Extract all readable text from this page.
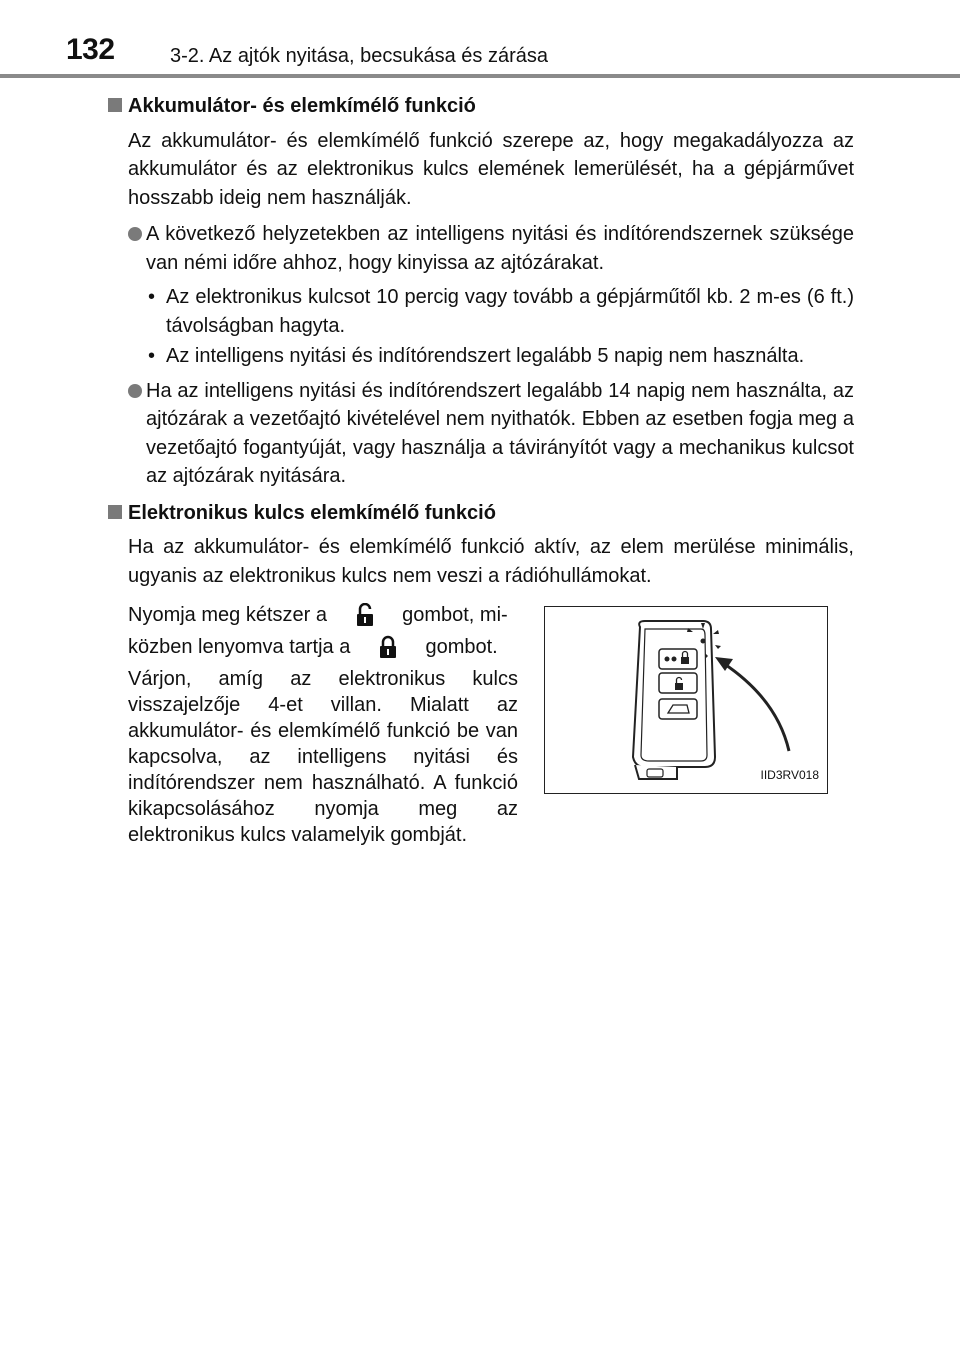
132	3-2. Az ajtók nyitása, becsukása és zárása
Akkumulátor- és elemkímélő funkció

Az akkumulátor- és elemkímélő funkció szerepe az, hogy megakadályozza az akkumulátor és az elektronikus kulcs elemének lemerülését, ha a gépjárművet hosszabb ideig nem használják.

A következő helyzetekben az intelligens nyitási és indítórendszernek szüksége van némi időre ahhoz, hogy kinyissa az ajtózárakat.
• Az elektronikus kulcsot 10 percig vagy tovább a gépjárműtől kb. 2 m-es (6 ft.) távolságban hagyta.
• Az intelligens nyitási és indítórendszert legalább 5 napig nem használta.
Ha az intelligens nyitási és indítórendszert legalább 14 napig nem használta, az ajtózárak a vezetőajtó kivételével nem nyithatók. Ebben az esetben fogja meg a vezetőajtó fogantyúját, vagy használja a távirányítót vagy a mechanikus kulcsot az ajtózárak nyitására.
Elektronikus kulcs elemkímélő funkció

Ha az akkumulátor- és elemkímélő funkció aktív, az elem merülése minimális, ugyanis az elektronikus kulcs nem veszi a rádióhullámokat.

Nyomja meg kétszer a	gombot, mi-
közben lenyomva tartja a	gombot.
Várjon, amíg az elektronikus kulcs visszajelzője 4-et villan. Mialatt az akkumulátor- és elemkímélő funkció be van kapcsolva, az intelligens nyitási és indítórendszer nem használható. A funkció kikapcsolásához nyomja meg az elektronikus kulcs valamelyik gombját.
IID3RV018
